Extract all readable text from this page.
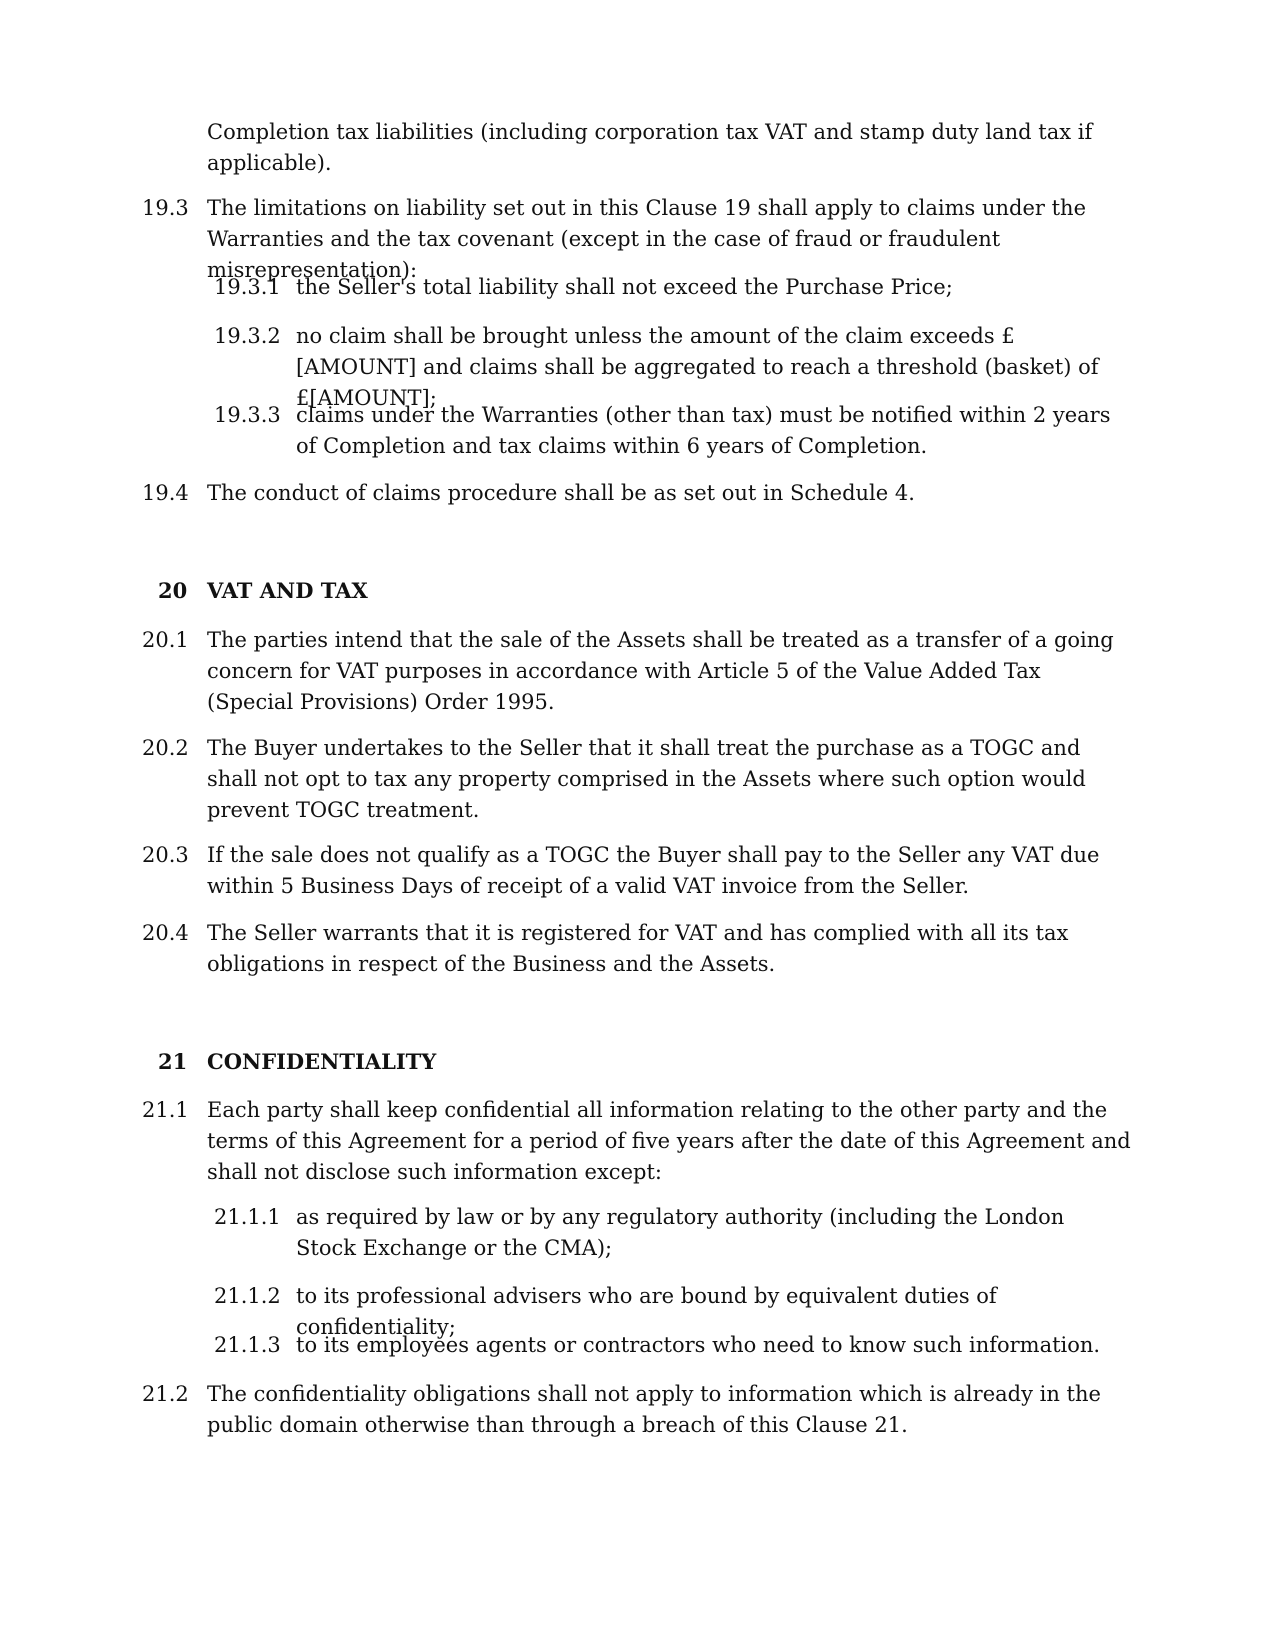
Completion tax liabilities (including corporation tax VAT and stamp duty land tax if applicable).

19.3 The limitations on liability set out in this Clause 19 shall apply to claims under the Warranties and the tax covenant (except in the case of fraud or fraudulent misrepresentation):
19.3.1 the Seller's total liability shall not exceed the Purchase Price;
19.3.2 no claim shall be brought unless the amount of the claim exceeds £[AMOUNT] and claims shall be aggregated to reach a threshold (basket) of £[AMOUNT];
19.3.3 claims under the Warranties (other than tax) must be notified within 2 years of Completion and tax claims within 6 years of Completion.
19.4 The conduct of claims procedure shall be as set out in Schedule 4.
20 VAT AND TAX
20.1 The parties intend that the sale of the Assets shall be treated as a transfer of a going concern for VAT purposes in accordance with Article 5 of the Value Added Tax (Special Provisions) Order 1995.
20.2 The Buyer undertakes to the Seller that it shall treat the purchase as a TOGC and shall not opt to tax any property comprised in the Assets where such option would prevent TOGC treatment.
20.3 If the sale does not qualify as a TOGC the Buyer shall pay to the Seller any VAT due within 5 Business Days of receipt of a valid VAT invoice from the Seller.
20.4 The Seller warrants that it is registered for VAT and has complied with all its tax obligations in respect of the Business and the Assets.
21 CONFIDENTIALITY
21.1 Each party shall keep confidential all information relating to the other party and the terms of this Agreement for a period of five years after the date of this Agreement and shall not disclose such information except:
21.1.1 as required by law or by any regulatory authority (including the London Stock Exchange or the CMA);
21.1.2 to its professional advisers who are bound by equivalent duties of confidentiality;
21.1.3 to its employees agents or contractors who need to know such information.
21.2 The confidentiality obligations shall not apply to information which is already in the public domain otherwise than through a breach of this Clause 21.
